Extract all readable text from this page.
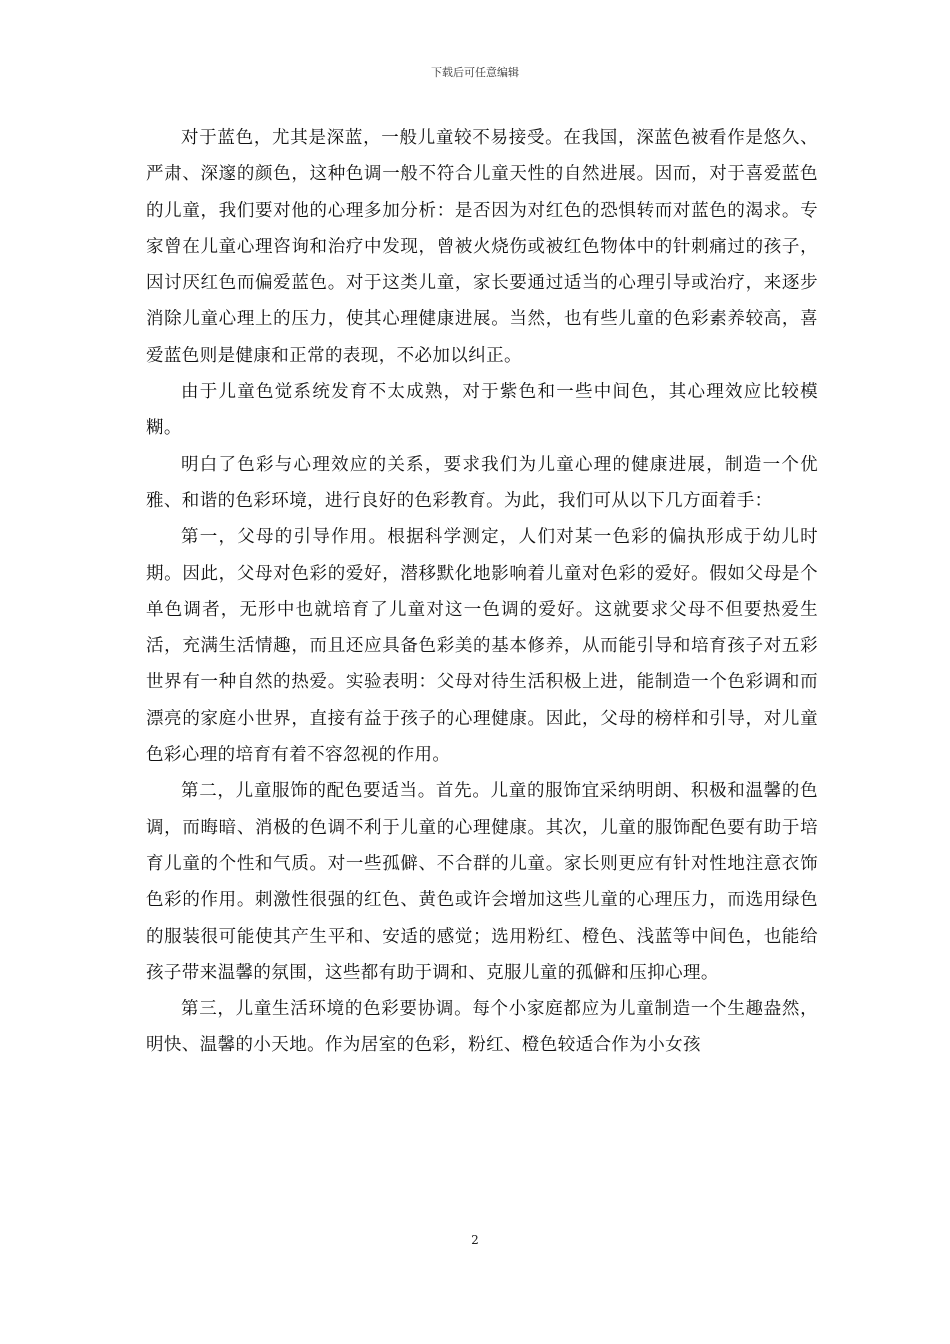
下载后可任意编辑

对于蓝色，尤其是深蓝，一般儿童较不易接受。在我国，深蓝色被看作是悠久、严肃、深邃的颜色，这种色调一般不符合儿童天性的自然进展。因而，对于喜爱蓝色的儿童，我们要对他的心理多加分析：是否因为对红色的恐惧转而对蓝色的渴求。专家曾在儿童心理咨询和治疗中发现，曾被火烧伤或被红色物体中的针刺痛过的孩子，因讨厌红色而偏爱蓝色。对于这类儿童，家长要通过适当的心理引导或治疗，来逐步消除儿童心理上的压力，使其心理健康进展。当然，也有些儿童的色彩素养较高，喜爱蓝色则是健康和正常的表现，不必加以纠正。

由于儿童色觉系统发育不太成熟，对于紫色和一些中间色，其心理效应比较模糊。

明白了色彩与心理效应的关系，要求我们为儿童心理的健康进展，制造一个优雅、和谐的色彩环境，进行良好的色彩教育。为此，我们可从以下几方面着手：

第一，父母的引导作用。根据科学测定，人们对某一色彩的偏执形成于幼儿时期。因此，父母对色彩的爱好，潜移默化地影响着儿童对色彩的爱好。假如父母是个单色调者，无形中也就培育了儿童对这一色调的爱好。这就要求父母不但要热爱生活，充满生活情趣，而且还应具备色彩美的基本修养，从而能引导和培育孩子对五彩世界有一种自然的热爱。实验表明：父母对待生活积极上进，能制造一个色彩调和而漂亮的家庭小世界，直接有益于孩子的心理健康。因此，父母的榜样和引导，对儿童色彩心理的培育有着不容忽视的作用。

第二，儿童服饰的配色要适当。首先。儿童的服饰宜采纳明朗、积极和温馨的色调，而晦暗、消极的色调不利于儿童的心理健康。其次，儿童的服饰配色要有助于培育儿童的个性和气质。对一些孤僻、不合群的儿童。家长则更应有针对性地注意衣饰色彩的作用。刺激性很强的红色、黄色或许会增加这些儿童的心理压力，而选用绿色的服装很可能使其产生平和、安适的感觉；选用粉红、橙色、浅蓝等中间色，也能给孩子带来温馨的氛围，这些都有助于调和、克服儿童的孤僻和压抑心理。

第三，儿童生活环境的色彩要协调。每个小家庭都应为儿童制造一个生趣盎然，明快、温馨的小天地。作为居室的色彩，粉红、橙色较适合作为小女孩

2
